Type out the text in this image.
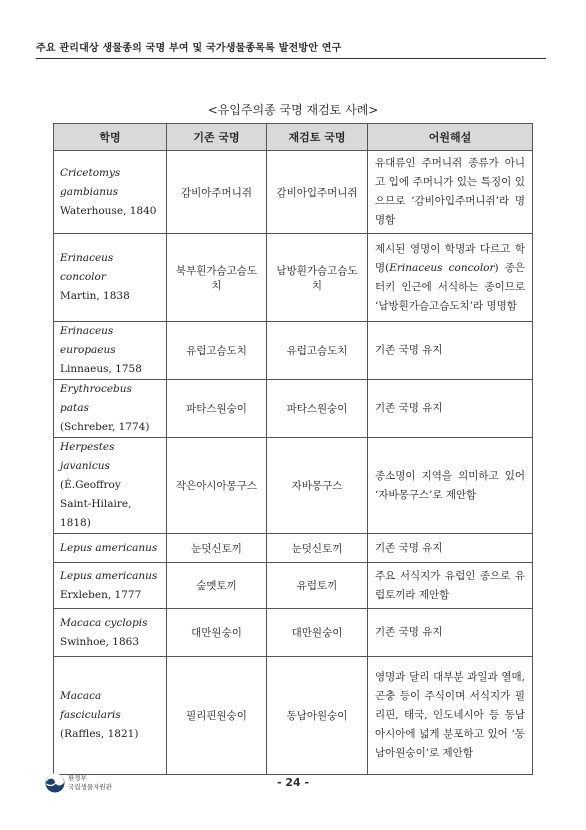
주요 관리대상 생물종의 국명 부여 및 국가생물종목록 발전방안 연구
<유입주의종 국명 재검토 사례>
학명	기존 국명	재검토 국명	어원해설

Cricetomys
gambianus
Waterhouse, 1840	감비아주머니쥐	감비아입주머니쥐	유대류인 주머니쥐 종류가 아니고 입에 주머니가 있는 특징이 있으므로 ‘감비아입주머니쥐’라 명명함

Erinaceus concolor
Martin, 1838	북부흰가슴고슴도치	남방흰가슴고슴도치	제시된 영명이 학명과 다르고 학명(Erinaceus concolor) 종은 터키 인근에 서식하는 종이므로 ‘남방흰가슴고슴도치’라 명명함

Erinaceus europaeus
Linnaeus, 1758	유럽고슴도치	유럽고슴도치	기존 국명 유지

Erythrocebus patas
(Schreber, 1774)	파타스원숭이	파타스원숭이	기존 국명 유지

Herpestes javanicus
(É.Geoffroy
Saint-Hilaire, 1818)	작은아시아몽구스	자바몽구스	종소명이 지역을 의미하고 있어 ‘자바몽구스’로 제안함

Lepus americanus	눈덧신토끼	눈덧신토끼	기존 국명 유지

Lepus americanus
Erxleben, 1777	숲멧토끼	유럽토끼	주요 서식지가 유럽인 종으로 유럽토끼라 제안함

Macaca cyclopis
Swinhoe, 1863	대만원숭이	대만원숭이	기존 국명 유지

Macaca fascicularis
(Raffles, 1821)	필리핀원숭이	동남아원숭이	영명과 달리 대부분 과일과 열매, 곤충 등이 주식이며 서식지가 필리핀, 태국, 인도네시아 등 동남아시아에 넓게 분포하고 있어 ‘동남아원숭이’로 제안함
환경부
국립생물자원관	- 24 -
